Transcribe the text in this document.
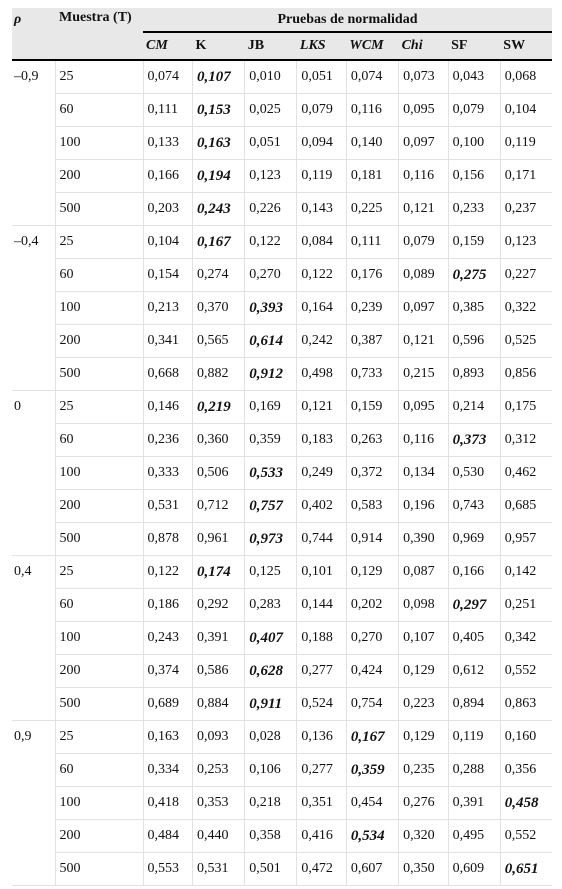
ρ	Muestra (T)	Pruebas de normalidad							
		CM	K	JB	LKS	WCM	Chi	SF	SW
–0,9	25	0,074	0,107	0,010	0,051	0,074	0,073	0,043	0,068
	60	0,111	0,153	0,025	0,079	0,116	0,095	0,079	0,104
	100	0,133	0,163	0,051	0,094	0,140	0,097	0,100	0,119
	200	0,166	0,194	0,123	0,119	0,181	0,116	0,156	0,171
	500	0,203	0,243	0,226	0,143	0,225	0,121	0,233	0,237
–0,4	25	0,104	0,167	0,122	0,084	0,111	0,079	0,159	0,123
	60	0,154	0,274	0,270	0,122	0,176	0,089	0,275	0,227
	100	0,213	0,370	0,393	0,164	0,239	0,097	0,385	0,322
	200	0,341	0,565	0,614	0,242	0,387	0,121	0,596	0,525
	500	0,668	0,882	0,912	0,498	0,733	0,215	0,893	0,856
0	25	0,146	0,219	0,169	0,121	0,159	0,095	0,214	0,175
	60	0,236	0,360	0,359	0,183	0,263	0,116	0,373	0,312
	100	0,333	0,506	0,533	0,249	0,372	0,134	0,530	0,462
	200	0,531	0,712	0,757	0,402	0,583	0,196	0,743	0,685
	500	0,878	0,961	0,973	0,744	0,914	0,390	0,969	0,957
0,4	25	0,122	0,174	0,125	0,101	0,129	0,087	0,166	0,142
	60	0,186	0,292	0,283	0,144	0,202	0,098	0,297	0,251
	100	0,243	0,391	0,407	0,188	0,270	0,107	0,405	0,342
	200	0,374	0,586	0,628	0,277	0,424	0,129	0,612	0,552
	500	0,689	0,884	0,911	0,524	0,754	0,223	0,894	0,863
0,9	25	0,163	0,093	0,028	0,136	0,167	0,129	0,119	0,160
	60	0,334	0,253	0,106	0,277	0,359	0,235	0,288	0,356
	100	0,418	0,353	0,218	0,351	0,454	0,276	0,391	0,458
	200	0,484	0,440	0,358	0,416	0,534	0,320	0,495	0,552
	500	0,553	0,531	0,501	0,472	0,607	0,350	0,609	0,651
